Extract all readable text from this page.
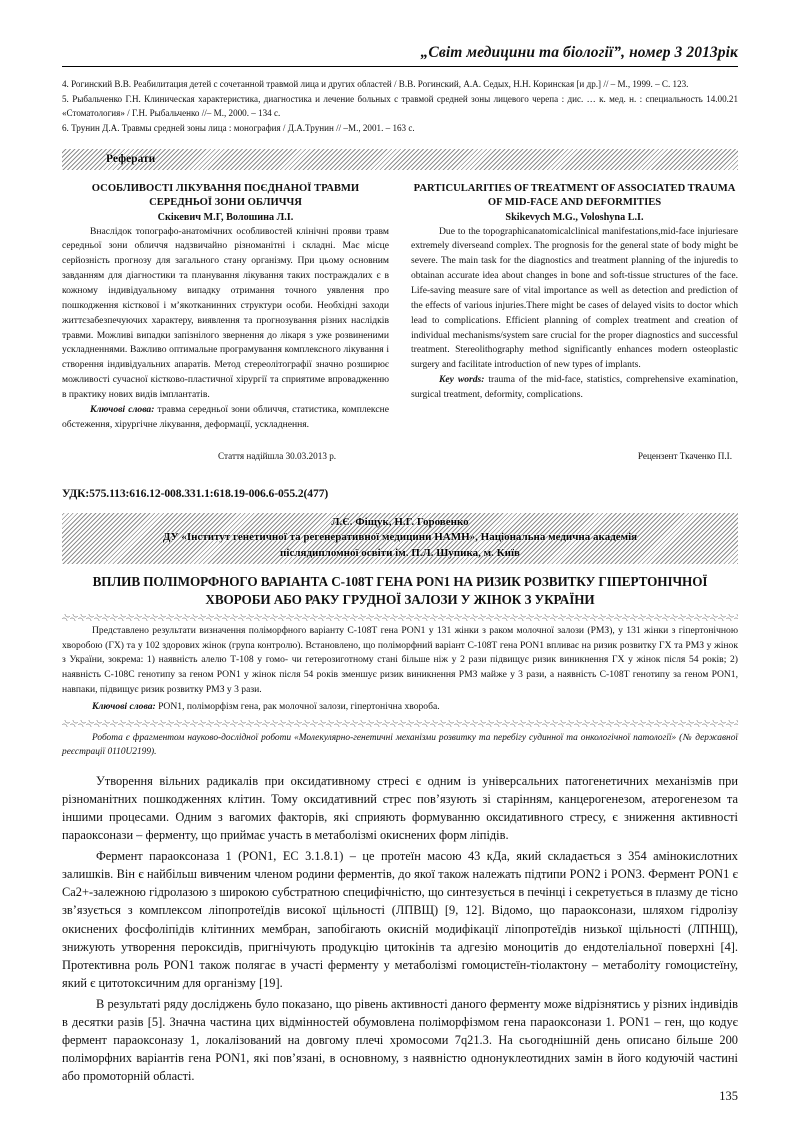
„Світ медицини та біології”, номер 3 2013рік

4. Рогинский В.В. Реабилитация детей с сочетанной травмой лица и других областей / В.В. Рогинский, А.А. Седых, Н.Н. Коринская [и др.] // – М., 1999. – С. 123.

5. Рыбальченко Г.Н. Клиническая характеристика, диагностика и лечение больных с травмой средней зоны лицевого черепа : дис. … к. мед. н. : специальность 14.00.21 «Стоматология» / Г.Н. Рыбальченко //– М., 2000. – 134 с.

6. Трунин Д.А. Травмы средней зоны лица : монография / Д.А.Трунин // –М., 2001. – 163 с.

Реферати

ОСОБЛИВОСТІ ЛІКУВАННЯ ПОЄДНАНОЇ ТРАВМИ СЕРЕДНЬОЇ ЗОНИ ОБЛИЧЧЯ

Скікевич М.Г, Волошина Л.І.

Внаслідок топографо-анатомічних особливостей клінічні прояви травм середньої зони обличчя надзвичайно різноманітні і складні. Має місце серйозність прогнозу для загального стану організму. При цьому основним завданням для діагностики та планування лікування таких постраждалих є в кожному індивідуальному випадку отримання точного уявлення про пошкодження кісткової і м’якотканинних структури особи. Необхідні заходи життєзабезпечуючих характеру, виявлення та прогнозування різних наслідків травми. Можливі випадки запізнілого звернення до лікаря з уже розвиненими ускладненнями. Важливо оптимальне програмування комплексного лікування і створення індивідуальних апаратів. Метод стереолітографії значно розширює можливості сучасної кістково-пластичної хірургії та сприятиме впровадженню в практику нових видів імплантатів.

Ключові слова: травма середньої зони обличчя, статистика, комплексне обстеження, хірургічне лікування, деформації, ускладнення.

PARTICULARITIES OF TREATMENT OF ASSOCIATED TRAUMA OF MID-FACE AND DEFORMITIES

Skikevych M.G., Voloshyna L.I.

Due to the topographicanatomicalclinical manifestations,mid-face injuriesare extremely diverseand complex. The prognosis for the general state of body might be severe. The main task for the diagnostics and treatment planning of the injuredis to obtainan accurate idea about changes in bone and soft-tissue structures of the face. Life-saving measure sare of vital importance as well as detection and prediction of the effects of various injuries.There might be cases of delayed visits to doctor which lead to complications. Efficient planning of complex treatment and creation of individual mechanisms/system sare crucial for the proper diagnostics and successful treatment. Stereolithography method significantly enhances modern osteoplastic surgery and facilitate introduction of new types of implants.

Key words: trauma of the mid-face, statistics, comprehensive examination, surgical treatment, deformity, complications.

Стаття надійшла 30.03.2013 р.	Рецензент Ткаченко П.І.
УДК:575.113:616.12-008.331.1:618.19-006.6-055.2(477)
Л.Є. Фіщук, Н.Г. Горовенко
ДУ «Інститут генетичної та регенеративної медицини НАМН», Національна медична академія
післядипломної освіти ім. П.Л. Шупика, м. Київ
ВПЛИВ ПОЛІМОРФНОГО ВАРІАНТА С-108Т ГЕНА PON1 НА РИЗИК РОЗВИТКУ ГІПЕРТОНІЧНОЇ
ХВОРОБИ АБО РАКУ ГРУДНОЇ ЗАЛОЗИ У ЖІНОК З УКРАЇНИ

Представлено результати визначення поліморфного варіанту С-108Т гена PON1 у 131 жінки з раком молочної залози (РМЗ), у 131 жінки з гіпертонічною хворобою (ГХ) та у 102 здорових жінок (група контролю). Встановлено, що поліморфний варіант С-108Т гена PON1 впливає на ризик розвитку ГХ та РМЗ у жінок з України, зокрема: 1) наявність алелю Т-108 у гомо- чи гетерозиготному стані більше ніж у 2 рази підвищує ризик виникнення ГХ у жінок після 54 років; 2) наявність С-108С генотипу за геном PON1 у жінок після 54 років зменшує ризик виникнення РМЗ майже у 3 рази, а наявність С-108Т генотипу за геном PON1, навпаки, підвищує ризик розвитку РМЗ у 3 рази.

Ключові слова: PON1, поліморфізм гена, рак молочної залози, гіпертонічна хвороба.

Робота є фрагментом науково-дослідної роботи «Молекулярно-генетичні механізми розвитку та перебігу судинної та онкологічної патології» (№ державної реєстрації 0110U2199).

Утворення вільних радикалів при оксидативному стресі є одним із універсальних патогенетичних механізмів при різноманітних пошкодженнях клітин. Тому оксидативний стрес пов’язують зі старінням, канцерогенезом, атерогенезом та іншими процесами. Одним з вагомих факторів, які сприяють формуванню оксидативного стресу, є зниження активності параоксонази – ферменту, що приймає участь в метаболізмі окиснених форм ліпідів.

Фермент параоксоназа 1 (PON1, ЕС 3.1.8.1) – це протеїн масою 43 кДа, який складається з 354 амінокислотних залишків. Він є найбільш вивченим членом родини ферментів, до якої також належать підтипи PON2 і PON3. Фермент PON1 є Са2+-залежною гідролазою з широкою субстратною специфічністю, що синтезується в печінці і секретується в плазму де тісно зв’язується з комплексом ліпопротеїдів високої щільності (ЛПВЩ) [9, 12]. Відомо, що параоксонази, шляхом гідролізу окиснених фосфоліпідів клітинних мембран, запобігають окисній модифікації ліпопротеїдів низької щільності (ЛПНЩ), знижують утворення пероксидів, пригнічують продукцію цитокінів та адгезію моноцитів до ендотеліальної поверхні [4]. Протективна роль PON1 також полягає в участі ферменту у метаболізмі гомоцистеїн-тіолактону – метаболіту гомоцистеїну, який є цитотоксичним для організму [19].

В результаті ряду досліджень було показано, що рівень активності даного ферменту може відрізнятись у різних індивідів в десятки разів [5]. Значна частина цих відмінностей обумовлена поліморфізмом гена параоксонази 1. PON1 – ген, що кодує фермент параоксоназу 1, локалізований на довгому плечі хромосоми 7q21.3. На сьогоднішній день описано більше 200 поліморфних варіантів гена PON1, які пов’язані, в основному, з наявністю однонуклеотидних замін в його кодуючій частині або промоторній області.

135
